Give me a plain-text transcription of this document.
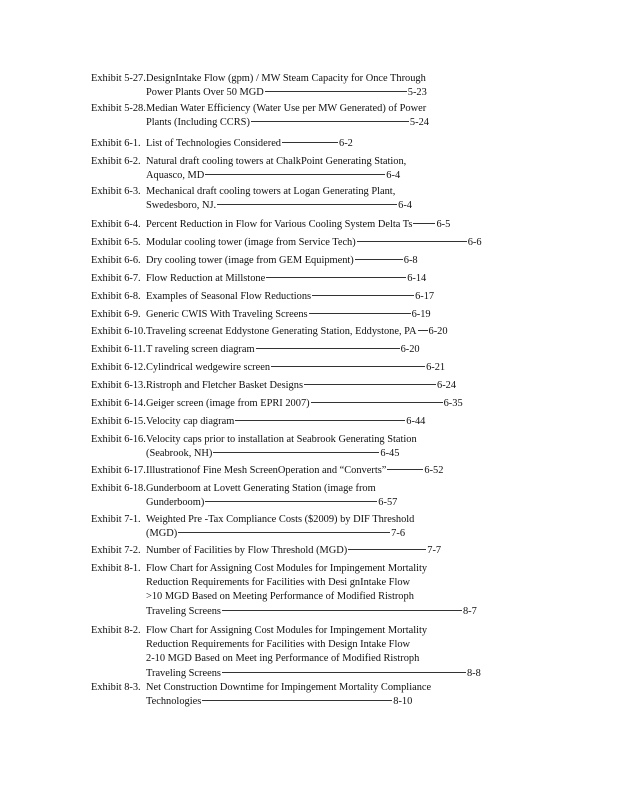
Exhibit 5-27. DesignIntake Flow (gpm) / MW Steam Capacity for Once Through
Power Plants Over 50 MGD	5-23
Exhibit 5-28. Median Water Efficiency (Water Use per MW Generated) of Power
Plants (Including CCRS)	5-24
Exhibit 6-1. List of Technologies Considered	6-2
Exhibit 6-2. Natural draft cooling towers at ChalkPoint Generating Station,
Aquasco, MD	6-4
Exhibit 6-3. Mechanical draft cooling towers at Logan Generating Plant,
Swedesboro, NJ.	6-4
Exhibit 6-4. Percent Reduction in Flow for Various Cooling System Delta Ts 6-5
Exhibit 6-5. Modular cooling tower (image from Service Tech)	6-6
Exhibit 6-6. Dry cooling tower (image from GEM Equipment)	6-8
Exhibit 6-7. Flow Reduction at Millstone	6-14
Exhibit 6-8. Examples of Seasonal Flow Reductions	6-17
Exhibit 6-9. Generic CWIS With Traveling Screens	6-19
Exhibit 6-10. Traveling screenat Eddystone Generating Station, Eddystone, PA 6-20
Exhibit 6-11. T raveling screen diagram	6-20
Exhibit 6-12. Cylindrical wedgewire screen	6-21
Exhibit 6-13. Ristroph and Fletcher Basket Designs	6-24
Exhibit 6-14. Geiger screen (image from EPRI 2007)	6-35
Exhibit 6-15. Velocity cap diagram	6-44
Exhibit 6-16. Velocity caps prior to installation at Seabrook Generating Station
(Seabrook, NH)	6-45
Exhibit 6-17. Illustrationof Fine Mesh ScreenOperation and “Converts”	6-52
Exhibit 6-18. Gunderboom at Lovett Generating Station (image from
Gunderboom)	6-57
Exhibit 7-1. Weighted Pre -Tax Compliance Costs ($2009) by DIF Threshold
(MGD)	7-6
Exhibit 7-2. Number of Facilities by Flow Threshold (MGD)	7-7
Exhibit 8-1. Flow Chart for Assigning Cost Modules for Impingement Mortality
Reduction Requirements for Facilities with Desi gnIntake Flow
>10 MGD Based on Meeting Performance of Modified Ristroph
Traveling Screens	8-7
Exhibit 8-2. Flow Chart for Assigning Cost Modules for Impingement Mortality
Reduction Requirements for Facilities with Design Intake Flow
2-10 MGD Based on Meet ing Performance of Modified Ristroph
Traveling Screens	8-8
Exhibit 8-3. Net Construction Downtime for Impingement Mortality Compliance
Technologies	8-10
